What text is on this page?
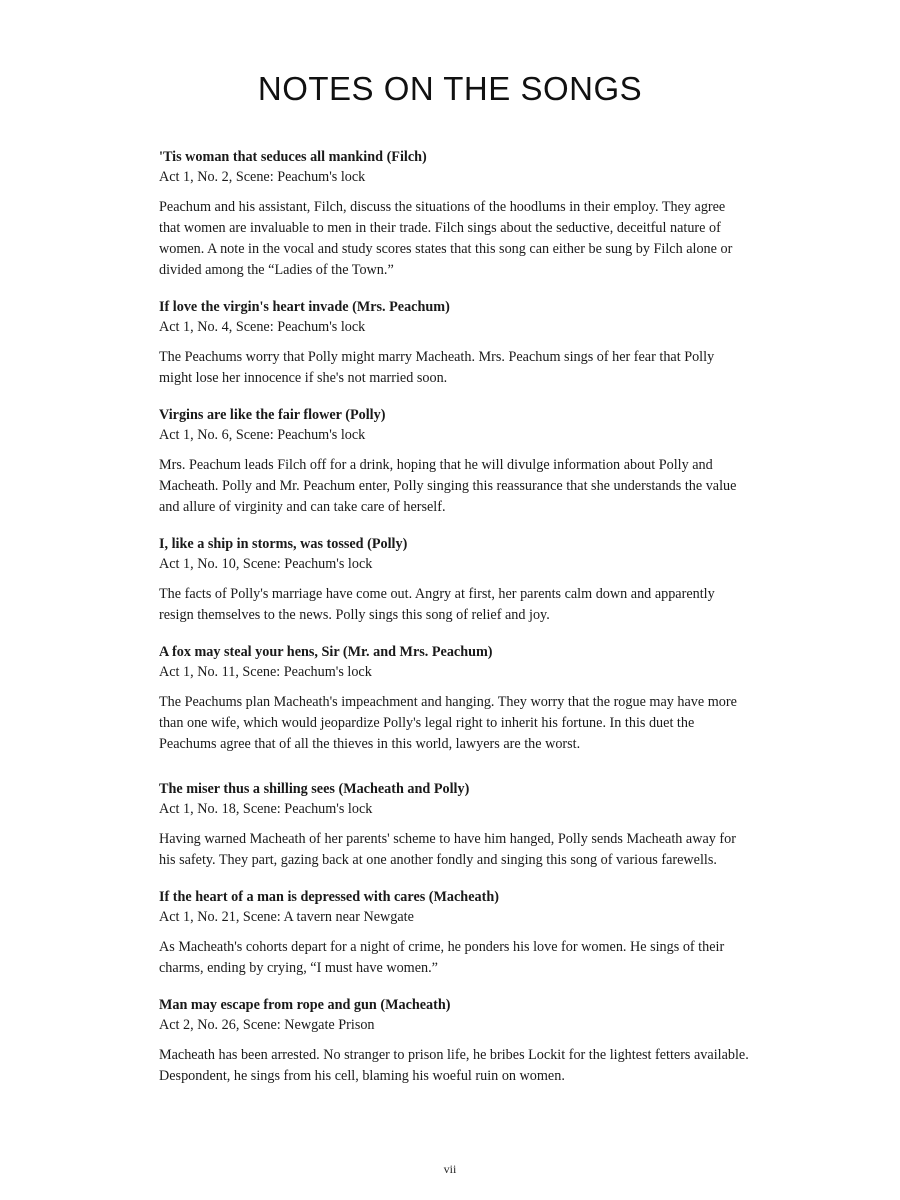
NOTES ON THE SONGS

'Tis woman that seduces all mankind (Filch)

Act 1, No. 2, Scene: Peachum's lock

Peachum and his assistant, Filch, discuss the situations of the hoodlums in their employ. They agree that women are invaluable to men in their trade. Filch sings about the seductive, deceitful nature of women. A note in the vocal and study scores states that this song can either be sung by Filch alone or divided among the “Ladies of the Town.”

If love the virgin's heart invade (Mrs. Peachum)

Act 1, No. 4, Scene: Peachum's lock

The Peachums worry that Polly might marry Macheath. Mrs. Peachum sings of her fear that Polly might lose her innocence if she's not married soon.

Virgins are like the fair flower (Polly)

Act 1, No. 6, Scene: Peachum's lock

Mrs. Peachum leads Filch off for a drink, hoping that he will divulge information about Polly and Macheath. Polly and Mr. Peachum enter, Polly singing this reassurance that she understands the value and allure of virginity and can take care of herself.

I, like a ship in storms, was tossed (Polly)

Act 1, No. 10, Scene: Peachum's lock

The facts of Polly's marriage have come out. Angry at first, her parents calm down and apparently resign themselves to the news. Polly sings this song of relief and joy.

A fox may steal your hens, Sir (Mr. and Mrs. Peachum)

Act 1, No. 11, Scene: Peachum's lock

The Peachums plan Macheath's impeachment and hanging. They worry that the rogue may have more than one wife, which would jeopardize Polly's legal right to inherit his fortune. In this duet the Peachums agree that of all the thieves in this world, lawyers are the worst.

The miser thus a shilling sees (Macheath and Polly)

Act 1, No. 18, Scene: Peachum's lock

Having warned Macheath of her parents' scheme to have him hanged, Polly sends Macheath away for his safety. They part, gazing back at one another fondly and singing this song of various farewells.

If the heart of a man is depressed with cares (Macheath)

Act 1, No. 21, Scene: A tavern near Newgate

As Macheath's cohorts depart for a night of crime, he ponders his love for women. He sings of their charms, ending by crying, “I must have women.”

Man may escape from rope and gun (Macheath)

Act 2, No. 26, Scene: Newgate Prison

Macheath has been arrested. No stranger to prison life, he bribes Lockit for the lightest fetters available. Despondent, he sings from his cell, blaming his woeful ruin on women.

vii
